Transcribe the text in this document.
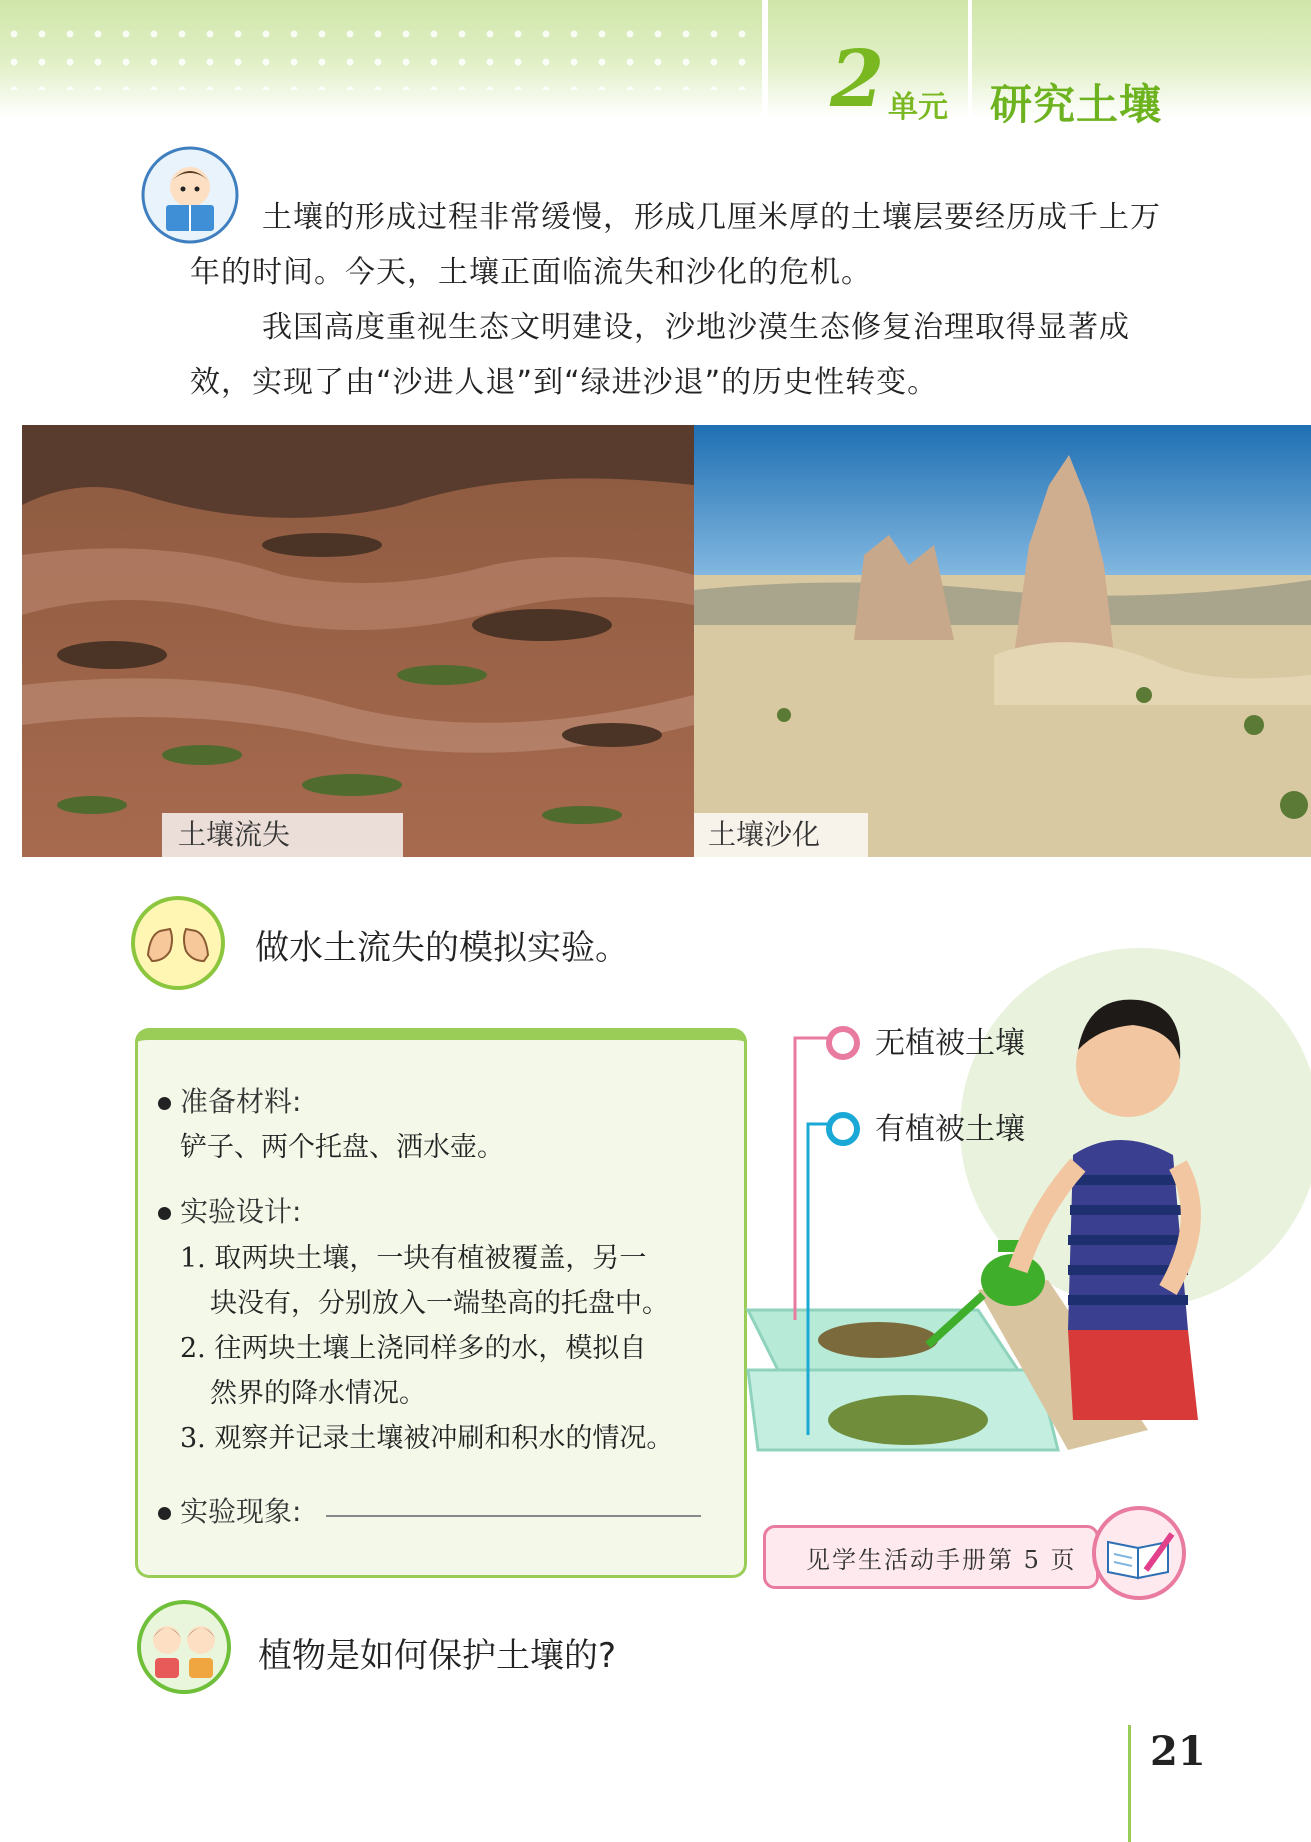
2 单元 研究土壤
土壤的形成过程非常缓慢，形成几厘米厚的土壤层要经历成千上万年的时间。今天，土壤正面临流失和沙化的危机。
我国高度重视生态文明建设，沙地沙漠生态修复治理取得显著成效，实现了由“沙进人退”到“绿进沙退”的历史性转变。
土壤流失	土壤沙化
做水土流失的模拟实验。
准备材料:
铲子、两个托盘、洒水壶。
实验设计:
1. 取两块土壤，一块有植被覆盖，另一
块没有，分别放入一端垫高的托盘中。
2. 往两块土壤上浇同样多的水，模拟自
然界的降水情况。
3. 观察并记录土壤被冲刷和积水的情况。
实验现象:
无植被土壤
有植被土壤
见学生活动手册第 5 页
植物是如何保护土壤的?
21
